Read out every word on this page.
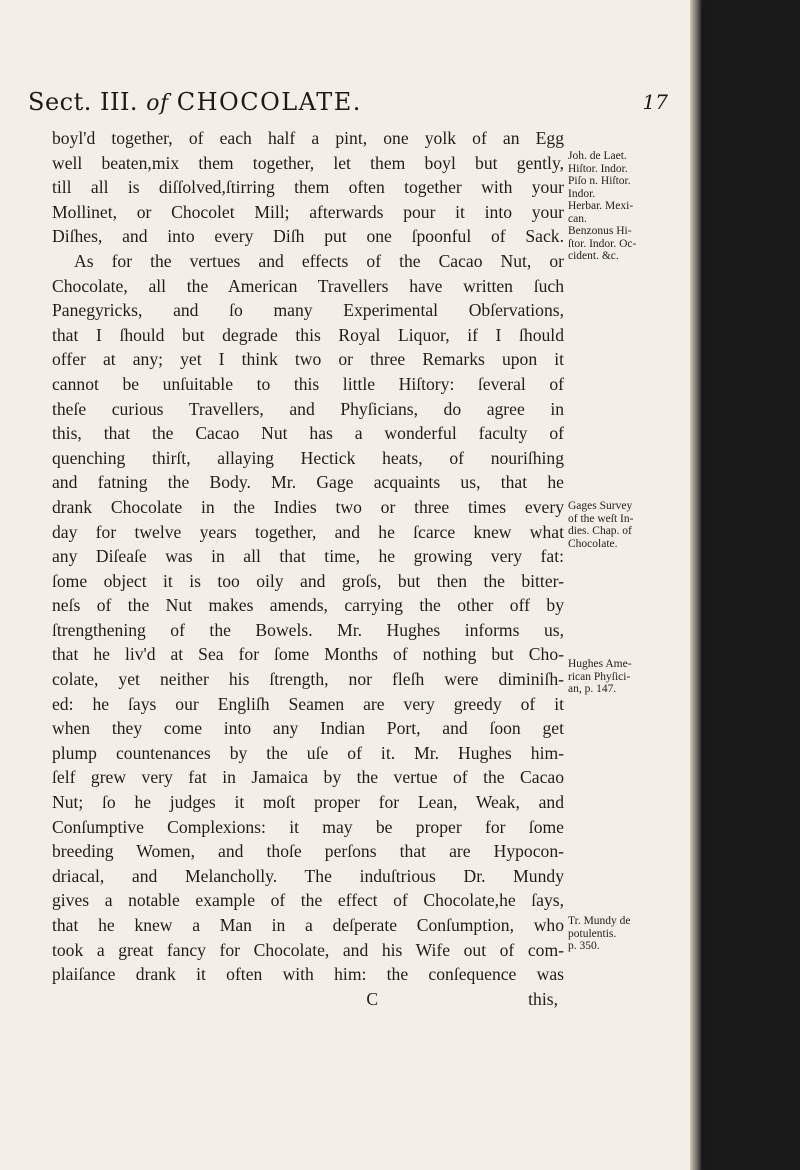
Sect. III. of CHOCOLATE.	17
boyl'd together, of each half a pint, one yolk of an Egg
well beaten,mix them together, let them boyl but gently,
till all is diſſolved,ſtirring them often together with your
Mollinet, or Chocolet Mill; afterwards pour it into your
Diſhes, and into every Diſh put one ſpoonful of Sack.
As for the vertues and effects of the Cacao Nut, or
Chocolate, all the American Travellers have written ſuch
Panegyricks, and ſo many Experimental Obſervations,
that I ſhould but degrade this Royal Liquor, if I ſhould
offer at any; yet I think two or three Remarks upon it
cannot be unſuitable to this little Hiſtory: ſeveral of
theſe curious Travellers, and Phyſicians, do agree in
this, that the Cacao Nut has a wonderful faculty of
quenching thirſt, allaying Hectick heats, of nouriſhing
and fatning the Body. Mr. Gage acquaints us, that he
drank Chocolate in the Indies two or three times every
day for twelve years together, and he ſcarce knew what
any Diſeaſe was in all that time, he growing very fat:
ſome object it is too oily and groſs, but then the bitter-
neſs of the Nut makes amends, carrying the other off by
ſtrengthening of the Bowels. Mr. Hughes informs us,
that he liv'd at Sea for ſome Months of nothing but Cho-
colate, yet neither his ſtrength, nor fleſh were diminiſh-
ed: he ſays our Engliſh Seamen are very greedy of it
when they come into any Indian Port, and ſoon get
plump countenances by the uſe of it. Mr. Hughes him-
ſelf grew very fat in Jamaica by the vertue of the Cacao
Nut; ſo he judges it moſt proper for Lean, Weak, and
Conſumptive Complexions: it may be proper for ſome
breeding Women, and thoſe perſons that are Hypocon-
driacal, and Melancholly. The induſtrious Dr. Mundy
gives a notable example of the effect of Chocolate,he ſays,
that he knew a Man in a deſperate Conſumption, who
took a great fancy for Chocolate, and his Wife out of com-
plaiſance drank it often with him: the conſequence was
C	this,
Joh. de Laet.
Hiſtor. Indor.
Piſo n. Hiſtor.
Indor.
Herbar. Mexi-
can.
Benzonus Hi-
ſtor. Indor. Oc-
cident. &c.
Gages Survey
of the weſt In-
dies. Chap. of
Chocolate.
Hughes Ame-
rican Phyſici-
an, p. 147.
Tr. Mundy de
potulentis.
p. 350.
